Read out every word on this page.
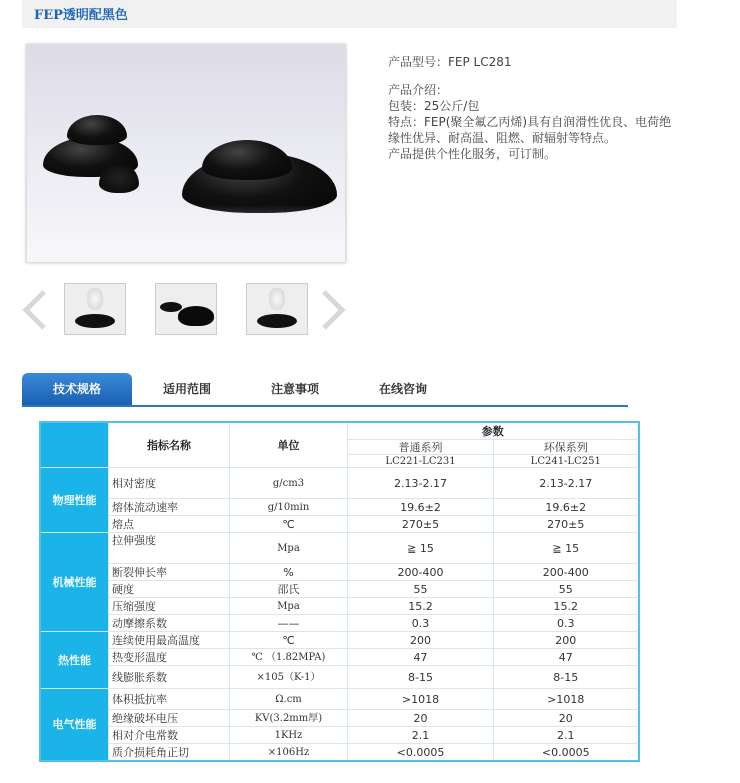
FEP透明配黑色
产品型号：FEP LC281
产品介绍：
包装：25公斤/包
特点：FEP(聚全氟乙丙烯)具有自润滑性优良、电荷绝缘性优异、耐高温、阻燃、耐辐射等特点。
产品提供个性化服务，可订制。
技术规格	适用范围	注意事项	在线咨询
	指标名称	单位	参数	
			普通系列	环保系列
			LC221-LC231	LC241-LC251
物理性能	相对密度	g/cm3	2.13-2.17	2.13-2.17
	熔体流动速率	g/10min	19.6±2	19.6±2
	熔点	℃	270±5	270±5
机械性能	拉伸强度	Mpa	≧ 15	≧ 15
	断裂伸长率	%	200-400	200-400
	硬度	邵氏	55	55
	压缩强度	Mpa	15.2	15.2
	动摩擦系数	——	0.3	0.3
热性能	连续使用最高温度	℃	200	200
	热变形温度	℃ （1.82MPA)	47	47
	线膨胀系数	×105（K-1）	8-15	8-15
电气性能	体积抵抗率	Ω.cm	>1018	>1018
	绝缘破坏电压	KV(3.2mm厚)	20	20
	相对介电常数	1KHz	2.1	2.1
	质介损耗角正切	×106Hz	<0.0005	<0.0005
